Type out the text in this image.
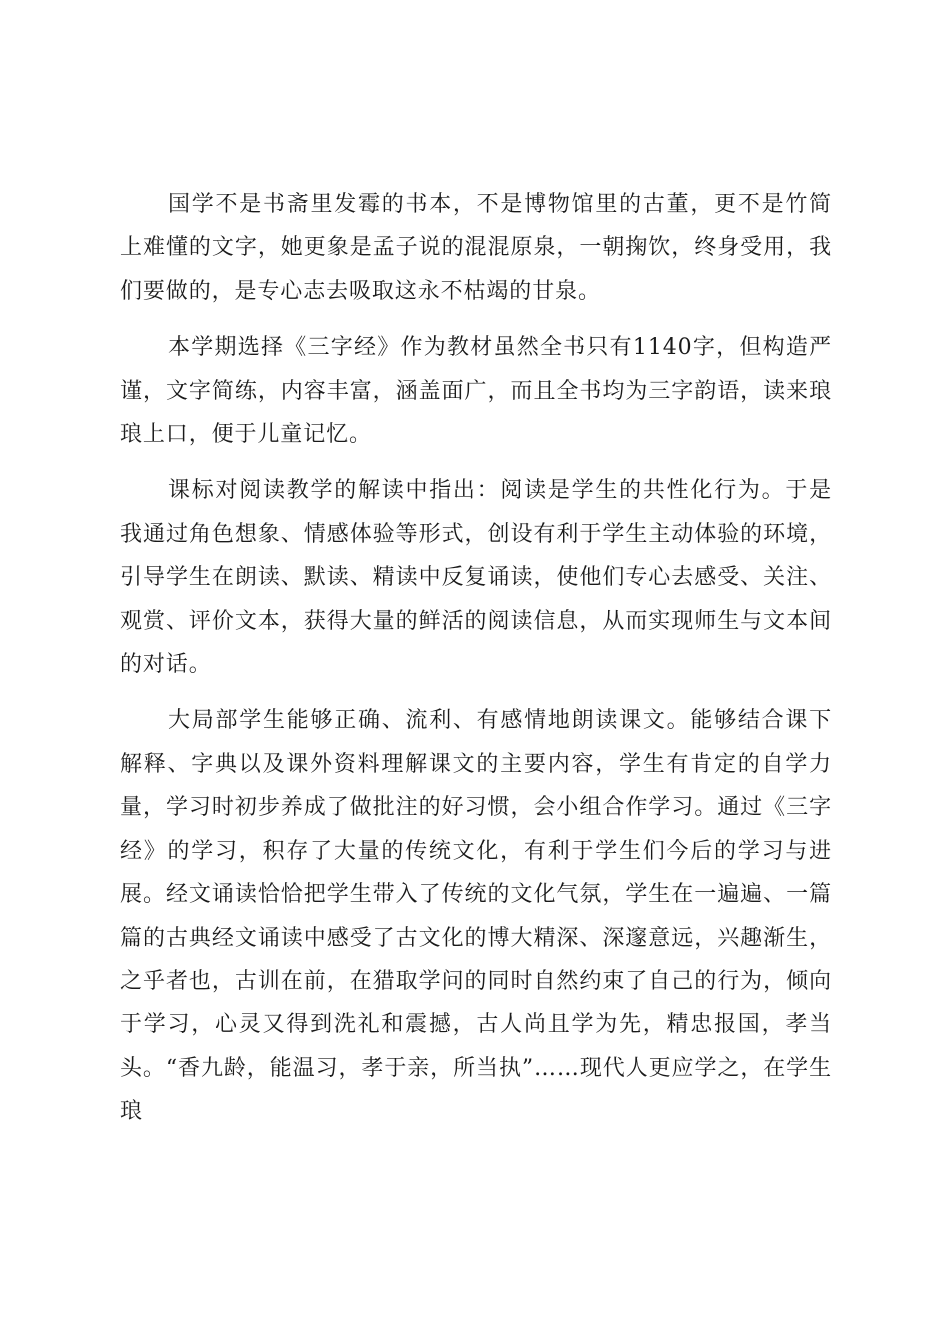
国学不是书斋里发霉的书本，不是博物馆里的古董，更不是竹简上难懂的文字，她更象是孟子说的混混原泉，一朝掬饮，终身受用，我们要做的，是专心志去吸取这永不枯竭的甘泉。

本学期选择《三字经》作为教材虽然全书只有1140字，但构造严谨，文字简练，内容丰富，涵盖面广，而且全书均为三字韵语，读来琅琅上口，便于儿童记忆。

课标对阅读教学的解读中指出：阅读是学生的共性化行为。于是我通过角色想象、情感体验等形式，创设有利于学生主动体验的环境，引导学生在朗读、默读、精读中反复诵读，使他们专心去感受、关注、观赏、评价文本，获得大量的鲜活的阅读信息，从而实现师生与文本间的对话。

大局部学生能够正确、流利、有感情地朗读课文。能够结合课下解释、字典以及课外资料理解课文的主要内容，学生有肯定的自学力量，学习时初步养成了做批注的好习惯，会小组合作学习。通过《三字经》的学习，积存了大量的传统文化，有利于学生们今后的学习与进展。经文诵读恰恰把学生带入了传统的文化气氛，学生在一遍遍、一篇篇的古典经文诵读中感受了古文化的博大精深、深邃意远，兴趣渐生，之乎者也，古训在前，在猎取学问的同时自然约束了自己的行为，倾向于学习，心灵又得到洗礼和震撼，古人尚且学为先，精忠报国，孝当头。“香九龄，能温习，孝于亲，所当执”……现代人更应学之，在学生琅
